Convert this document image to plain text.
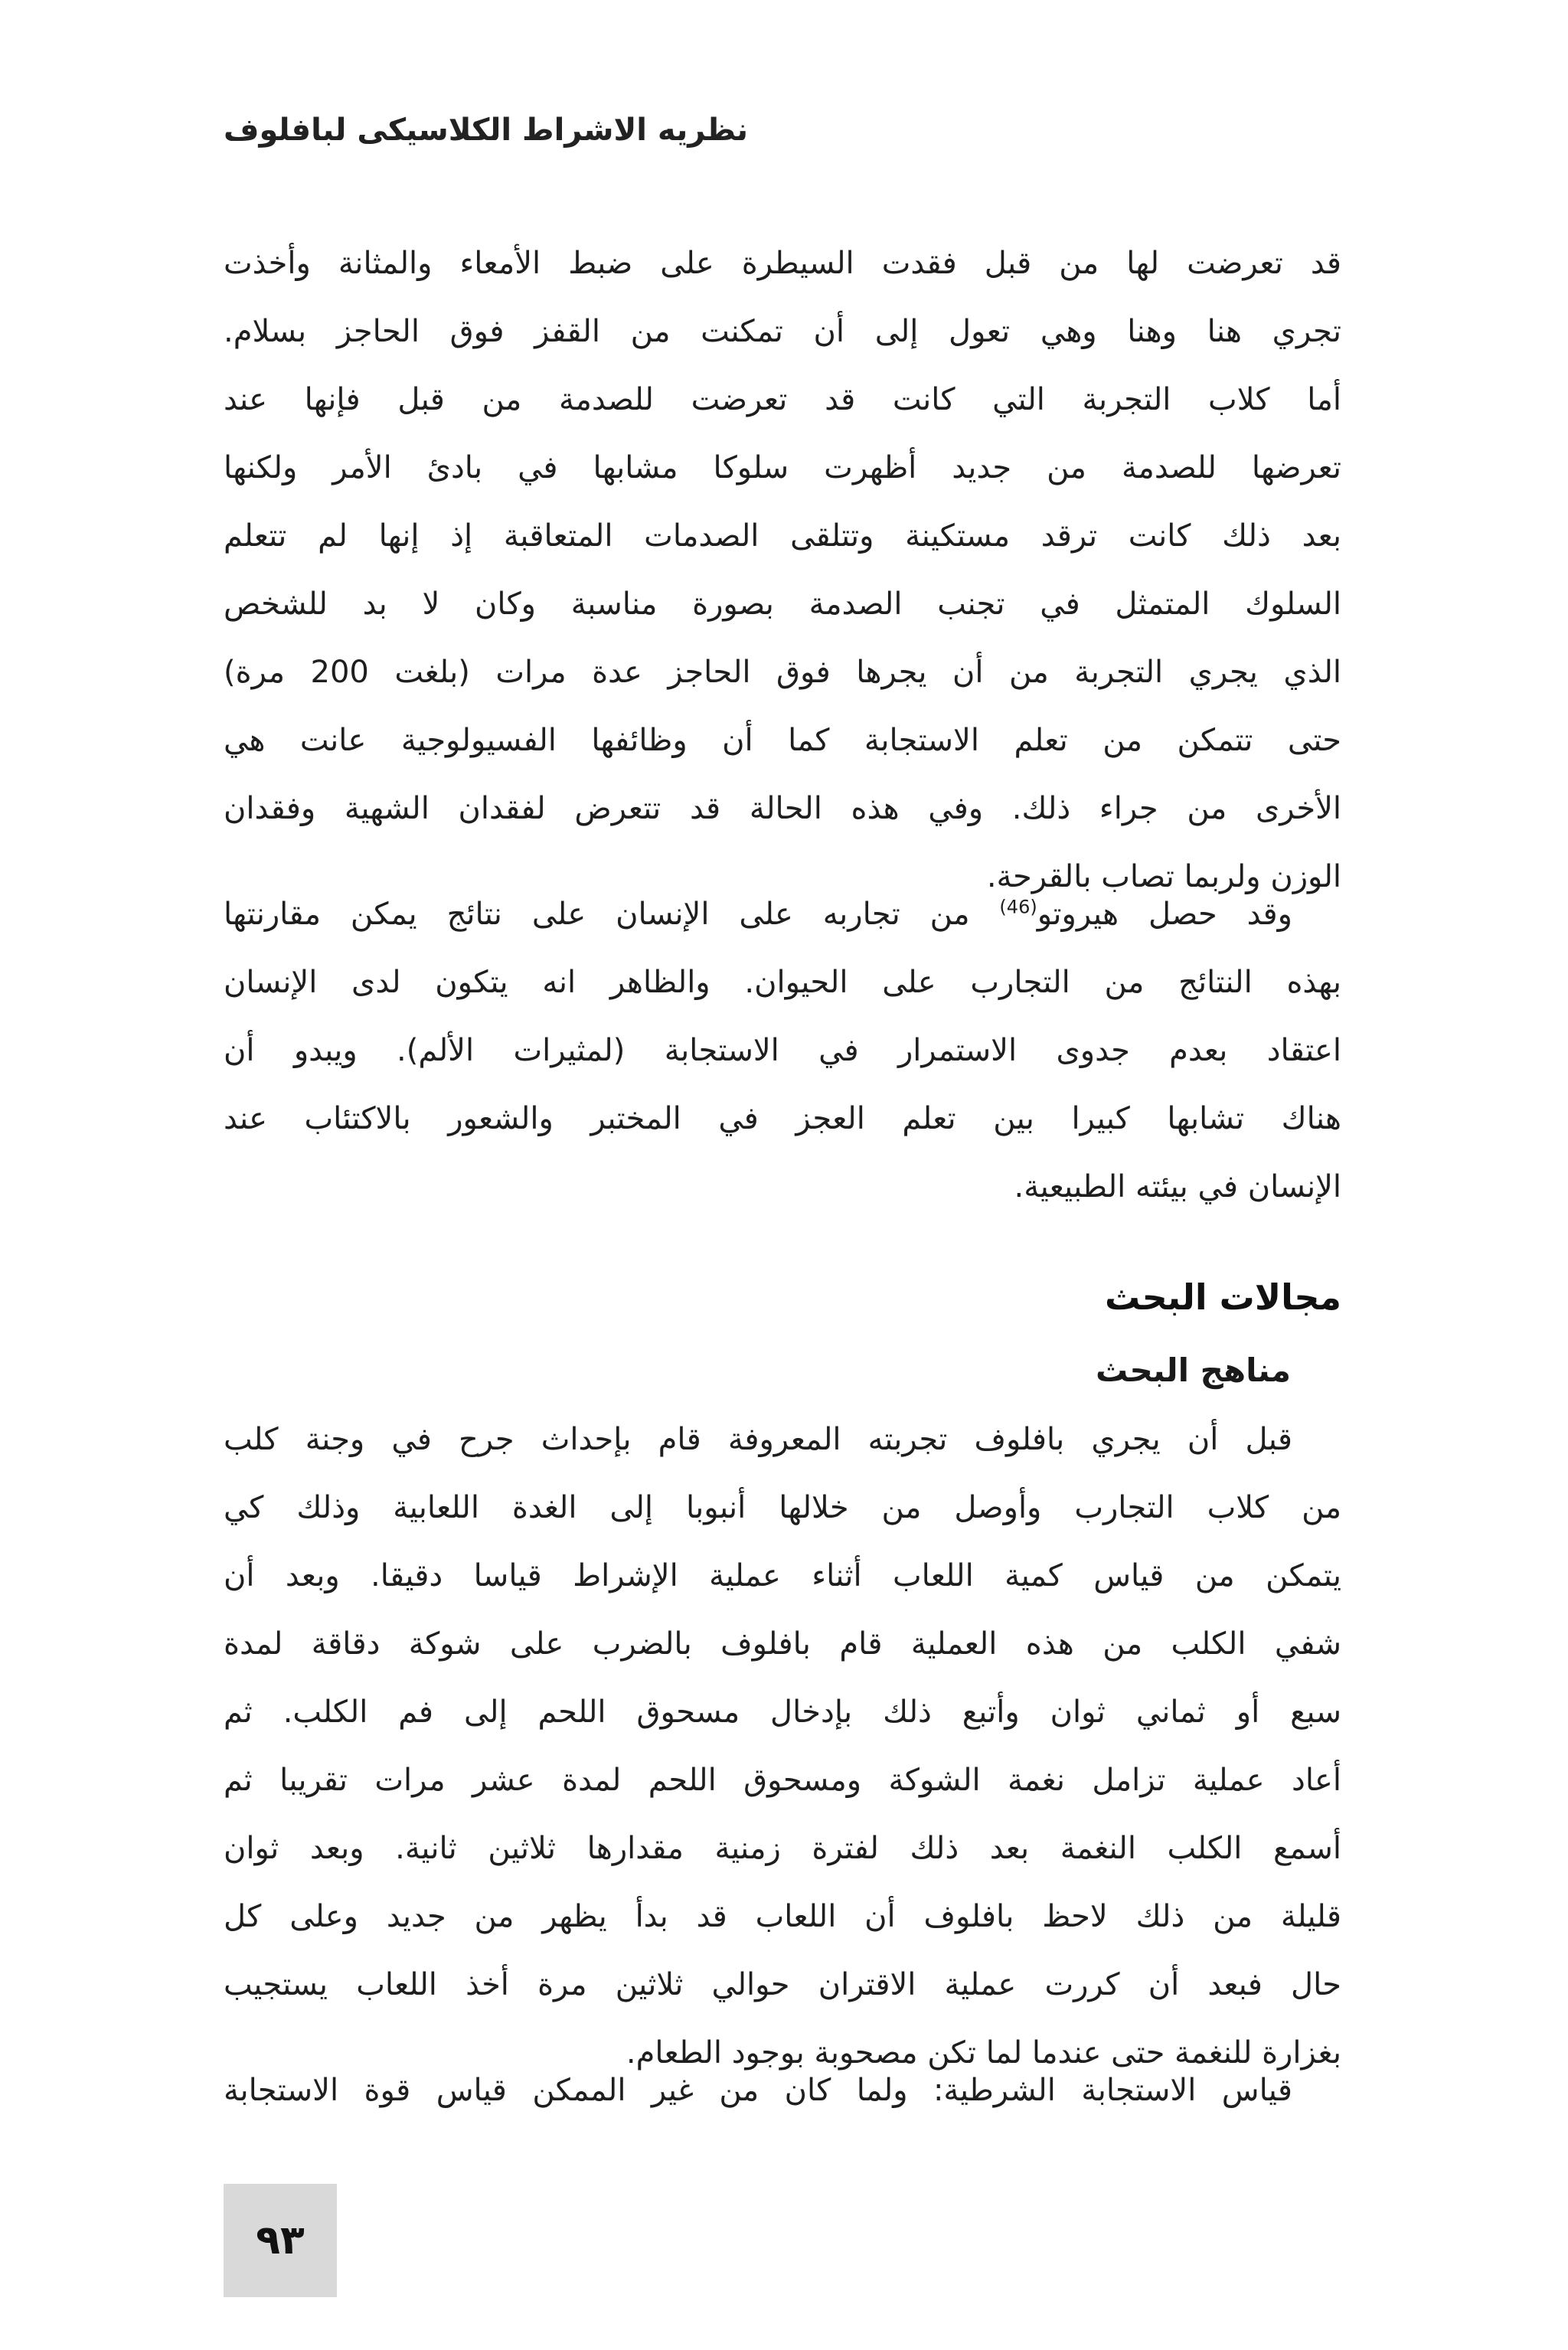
نظريه الاشراط الكلاسيكى لبافلوف
قد تعرضت لها من قبل فقدت السيطرة على ضبط الأمعاء والمثانة وأخذت
تجري هنا وهنا وهي تعول إلى أن تمكنت من القفز فوق الحاجز بسلام.
أما كلاب التجربة التي كانت قد تعرضت للصدمة من قبل فإنها عند
تعرضها للصدمة من جديد أظهرت سلوكا مشابها في بادئ الأمر ولكنها
بعد ذلك كانت ترقد مستكينة وتتلقى الصدمات المتعاقبة إذ إنها لم تتعلم
السلوك المتمثل في تجنب الصدمة بصورة مناسبة وكان لا بد للشخص
الذي يجري التجربة من أن يجرها فوق الحاجز عدة مرات (بلغت 200 مرة)
حتى تتمكن من تعلم الاستجابة كما أن وظائفها الفسيولوجية عانت هي
الأخرى من جراء ذلك. وفي هذه الحالة قد تتعرض لفقدان الشهية وفقدان
الوزن ولربما تصاب بالقرحة.
وقد حصل هيروتو$^{(46)}$ من تجاربه على الإنسان على نتائج يمكن مقارنتها
بهذه النتائج من التجارب على الحيوان. والظاهر انه يتكون لدى الإنسان
اعتقاد بعدم جدوى الاستمرار في الاستجابة (لمثيرات الألم). ويبدو أن
هناك تشابها كبيرا بين تعلم العجز في المختبر والشعور بالاكتئاب عند
الإنسان في بيئته الطبيعية.
مجالات البحث
مناهج البحث
قبل أن يجري بافلوف تجربته المعروفة قام بإحداث جرح في وجنة كلب
من كلاب التجارب وأوصل من خلالها أنبوبا إلى الغدة اللعابية وذلك كي
يتمكن من قياس كمية اللعاب أثناء عملية الإشراط قياسا دقيقا. وبعد أن
شفي الكلب من هذه العملية قام بافلوف بالضرب على شوكة دقاقة لمدة
سبع أو ثماني ثوان وأتبع ذلك بإدخال مسحوق اللحم إلى فم الكلب. ثم
أعاد عملية تزامل نغمة الشوكة ومسحوق اللحم لمدة عشر مرات تقريبا ثم
أسمع الكلب النغمة بعد ذلك لفترة زمنية مقدارها ثلاثين ثانية. وبعد ثوان
قليلة من ذلك لاحظ بافلوف أن اللعاب قد بدأ يظهر من جديد وعلى كل
حال فبعد أن كررت عملية الاقتران حوالي ثلاثين مرة أخذ اللعاب يستجيب
بغزارة للنغمة حتى عندما لما تكن مصحوبة بوجود الطعام.
قياس الاستجابة الشرطية: ولما كان من غير الممكن قياس قوة الاستجابة
٩٣
